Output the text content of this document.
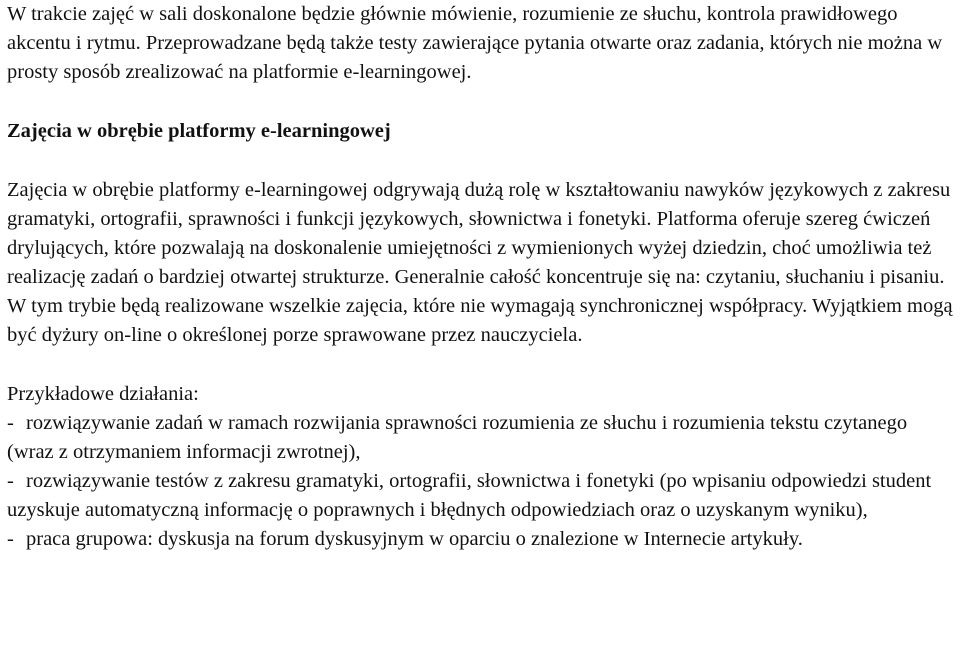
W trakcie zajęć w sali doskonalone będzie głównie mówienie, rozumienie ze słuchu, kontrola prawidłowego akcentu i rytmu. Przeprowadzane będą także testy zawierające pytania otwarte oraz zadania, których nie można w prosty sposób zrealizować na platformie e-learningowej.

Zajęcia w obrębie platformy e-learningowej

Zajęcia w obrębie platformy e-learningowej odgrywają dużą rolę w kształtowaniu nawyków językowych z zakresu gramatyki, ortografii, sprawności i funkcji językowych, słownictwa i fonetyki. Platforma oferuje szereg ćwiczeń drylujących, które pozwalają na doskonalenie umiejętności z wymienionych wyżej dziedzin, choć umożliwia też realizację zadań o bardziej otwartej strukturze. Generalnie całość koncentruje się na: czytaniu, słuchaniu i pisaniu. W tym trybie będą realizowane wszelkie zajęcia, które nie wymagają synchronicznej współpracy. Wyjątkiem mogą być dyżury on-line o określonej porze sprawowane przez nauczyciela.

Przykładowe działania:

- rozwiązywanie zadań w ramach rozwijania sprawności rozumienia ze słuchu i rozumienia tekstu czytanego (wraz z otrzymaniem informacji zwrotnej),
- rozwiązywanie testów z zakresu gramatyki, ortografii, słownictwa i fonetyki (po wpisaniu odpowiedzi student uzyskuje automatyczną informację o poprawnych i błędnych odpowiedziach oraz o uzyskanym wyniku),
- praca grupowa: dyskusja na forum dyskusyjnym w oparciu o znalezione w Internecie artykuły.
